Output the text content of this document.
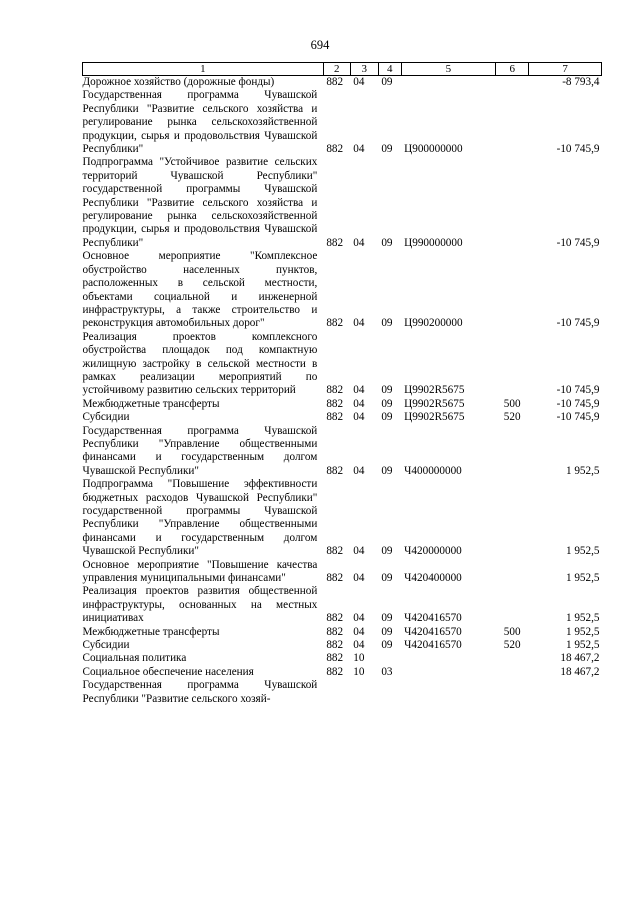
694
1	2	3	4	5	6	7
Дорожное хозяйство (дорожные фонды)	882	04	09			-8 793,4
Государственная программа Чувашской Республики "Развитие сельского хозяйства и регулирование рынка сельскохозяйственной продукции, сырья и продовольствия Чувашской Республики"	882	04	09	Ц900000000		-10 745,9
Подпрограмма "Устойчивое развитие сельских территорий Чувашской Республики" государственной программы Чувашской Республики "Развитие сельского хозяйства и регулирование рынка сельскохозяйственной продукции, сырья и продовольствия Чувашской Республики"	882	04	09	Ц990000000		-10 745,9
Основное мероприятие "Комплексное обустройство населенных пунктов, расположенных в сельской местности, объектами социальной и инженерной инфраструктуры, а также строительство и реконструкция автомобильных дорог"	882	04	09	Ц990200000		-10 745,9
Реализация проектов комплексного обустройства площадок под компактную жилищную застройку в сельской местности в рамках реализации мероприятий по устойчивому развитию сельских территорий	882	04	09	Ц9902R5675		-10 745,9
Межбюджетные трансферты	882	04	09	Ц9902R5675	500	-10 745,9
Субсидии	882	04	09	Ц9902R5675	520	-10 745,9
Государственная программа Чувашской Республики "Управление общественными финансами и государственным долгом Чувашской Республики"	882	04	09	Ч400000000		1 952,5
Подпрограмма "Повышение эффективности бюджетных расходов Чувашской Республики" государственной программы Чувашской Республики "Управление общественными финансами и государственным долгом Чувашской Республики"	882	04	09	Ч420000000		1 952,5
Основное мероприятие "Повышение качества управления муниципальными финансами"	882	04	09	Ч420400000		1 952,5
Реализация проектов развития общественной инфраструктуры, основанных на местных инициативах	882	04	09	Ч420416570		1 952,5
Межбюджетные трансферты	882	04	09	Ч420416570	500	1 952,5
Субсидии	882	04	09	Ч420416570	520	1 952,5
Социальная политика	882	10				18 467,2
Социальное обеспечение населения	882	10	03			18 467,2
Государственная программа Чувашской Республики "Развитие сельского хозяй-						
